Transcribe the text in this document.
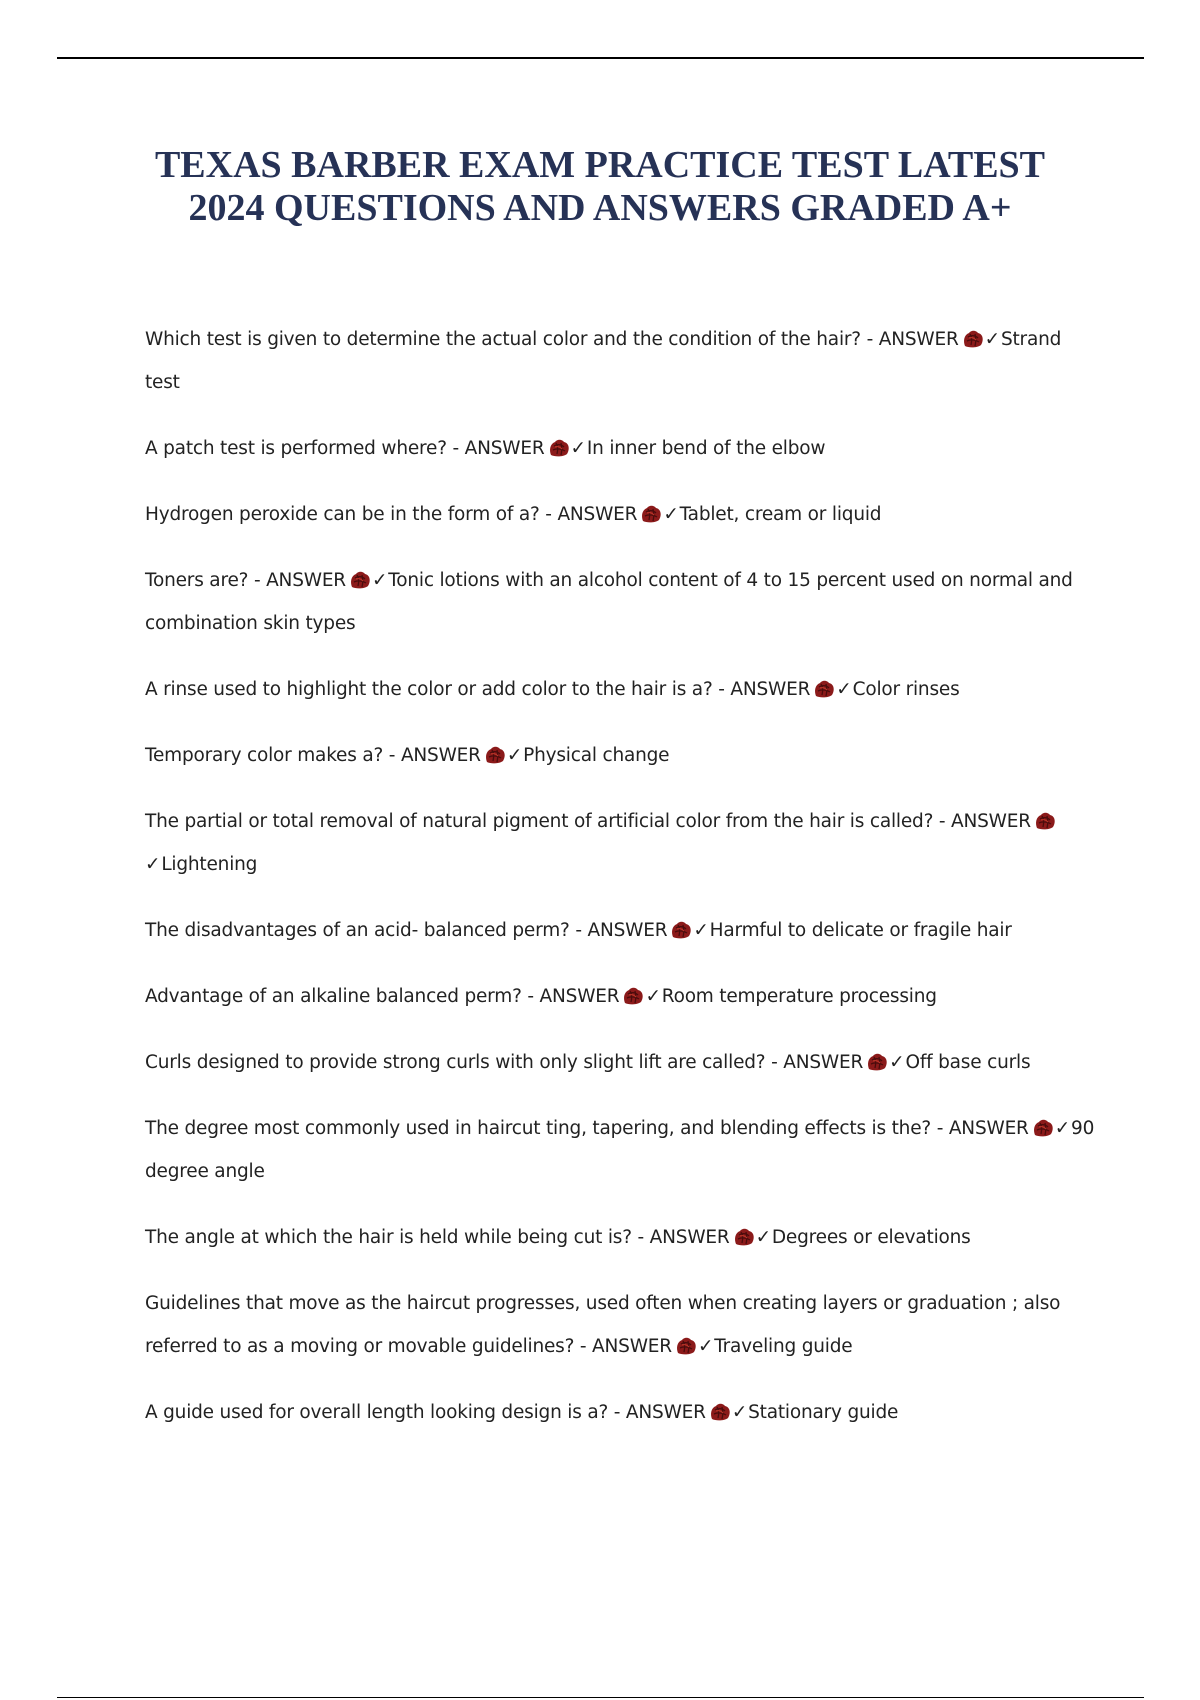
TEXAS BARBER EXAM PRACTICE TEST LATEST
2024 QUESTIONS AND ANSWERS GRADED A+
Which test is given to determine the actual color and the condition of the hair? - ANSWER ✓Strand test
A patch test is performed where? - ANSWER ✓In inner bend of the elbow
Hydrogen peroxide can be in the form of a? - ANSWER ✓Tablet, cream or liquid
Toners are? - ANSWER ✓Tonic lotions with an alcohol content of 4 to 15 percent used on normal and combination skin types
A rinse used to highlight the color or add color to the hair is a? - ANSWER ✓Color rinses
Temporary color makes a? - ANSWER ✓Physical change
The partial or total removal of natural pigment of artificial color from the hair is called? - ANSWER
✓Lightening
The disadvantages of an acid- balanced perm? - ANSWER ✓Harmful to delicate or fragile hair
Advantage of an alkaline balanced perm? - ANSWER ✓Room temperature processing
Curls designed to provide strong curls with only slight lift are called? - ANSWER ✓Off base curls
The degree most commonly used in haircut ting, tapering, and blending effects is the? - ANSWER ✓90 degree angle
The angle at which the hair is held while being cut is? - ANSWER ✓Degrees or elevations
Guidelines that move as the haircut progresses, used often when creating layers or graduation ; also referred to as a moving or movable guidelines? - ANSWER ✓Traveling guide
A guide used for overall length looking design is a? - ANSWER ✓Stationary guide
